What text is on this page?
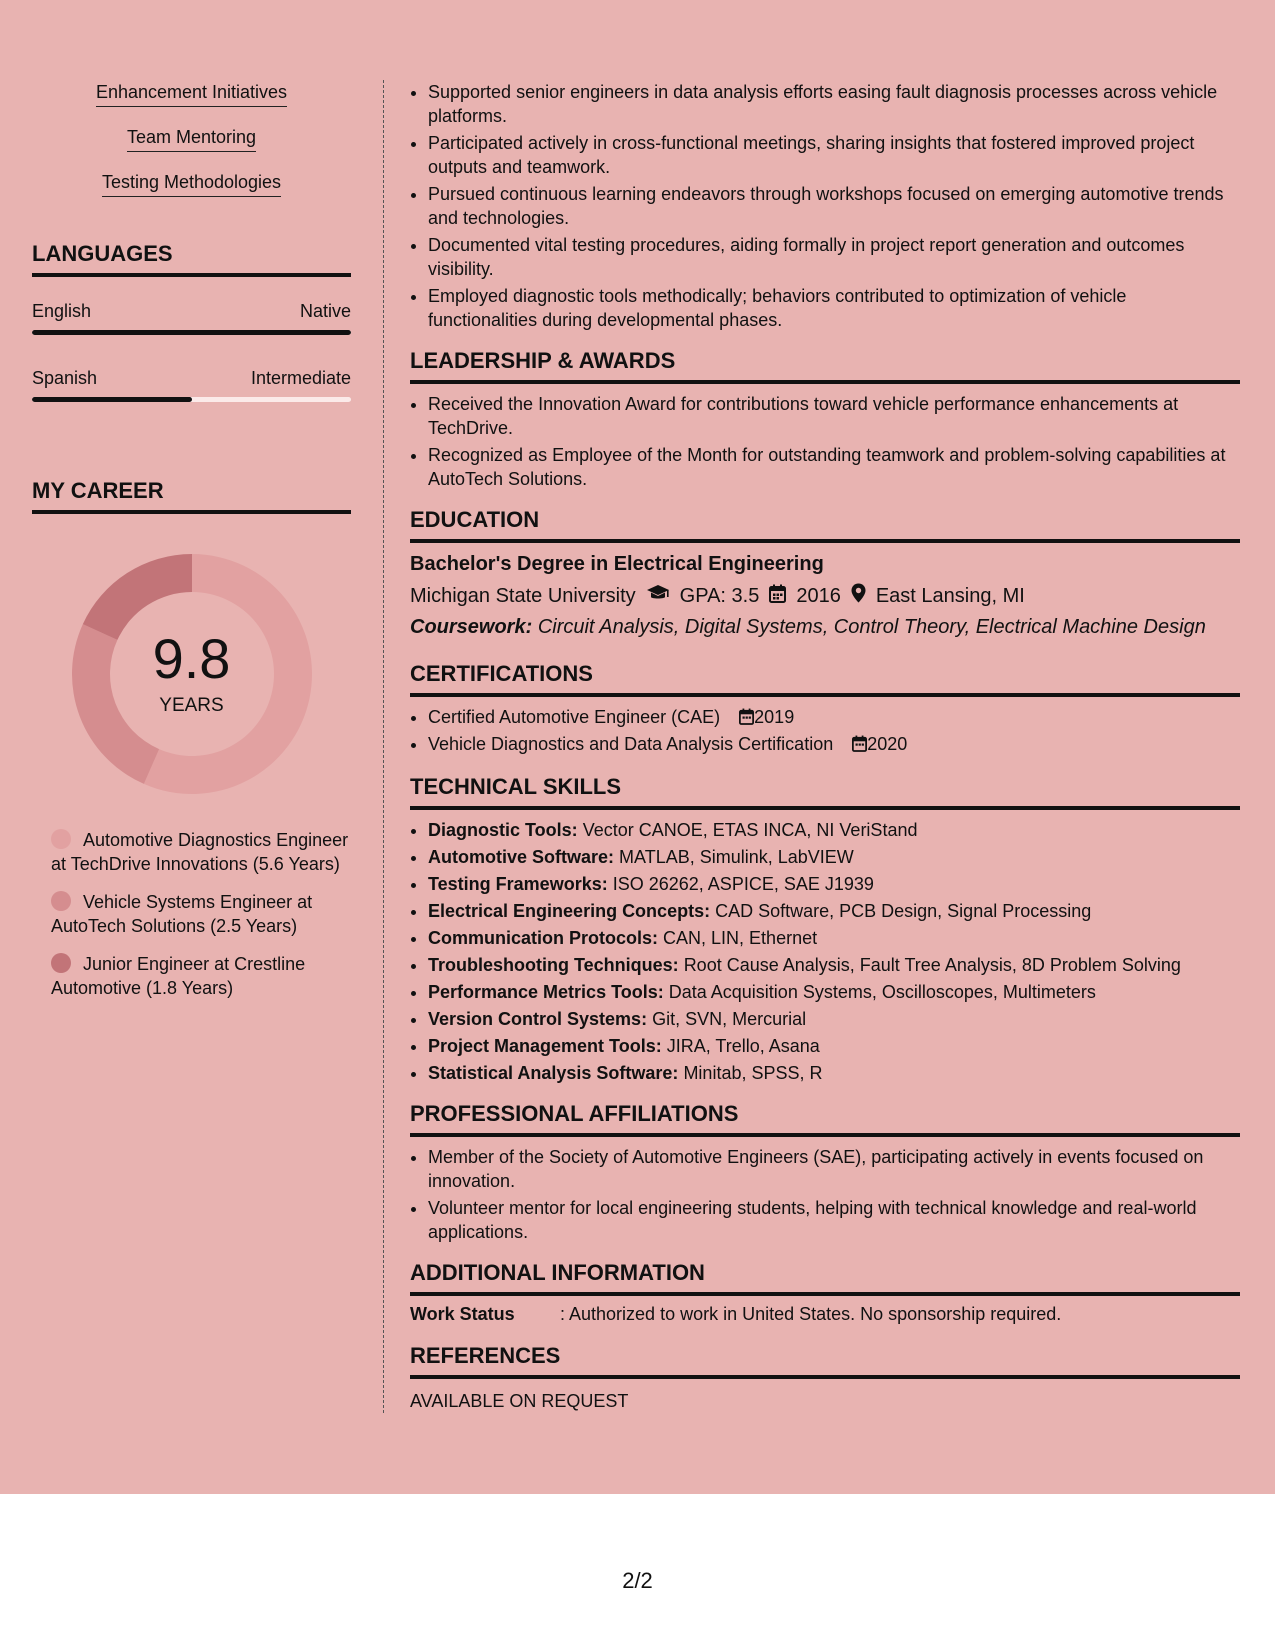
Enhancement Initiatives
Team Mentoring
Testing Methodologies
LANGUAGES
English	Native
Spanish	Intermediate
MY CAREER
9.8
YEARS
Automotive Diagnostics Engineer at TechDrive Innovations (5.6 Years)
Vehicle Systems Engineer at AutoTech Solutions (2.5 Years)
Junior Engineer at Crestline Automotive (1.8 Years)
• Supported senior engineers in data analysis efforts easing fault diagnosis processes across vehicle platforms.
• Participated actively in cross-functional meetings, sharing insights that fostered improved project outputs and teamwork.
• Pursued continuous learning endeavors through workshops focused on emerging automotive trends and technologies.
• Documented vital testing procedures, aiding formally in project report generation and outcomes visibility.
• Employed diagnostic tools methodically; behaviors contributed to optimization of vehicle functionalities during developmental phases.
LEADERSHIP & AWARDS
• Received the Innovation Award for contributions toward vehicle performance enhancements at TechDrive.
• Recognized as Employee of the Month for outstanding teamwork and problem-solving capabilities at AutoTech Solutions.
EDUCATION
Bachelor's Degree in Electrical Engineering
Michigan State University GPA: 3.5 2016 East Lansing, MI
Coursework: Circuit Analysis, Digital Systems, Control Theory, Electrical Machine Design
CERTIFICATIONS
• Certified Automotive Engineer (CAE) 2019
• Vehicle Diagnostics and Data Analysis Certification 2020
TECHNICAL SKILLS
• Diagnostic Tools: Vector CANOE, ETAS INCA, NI VeriStand
• Automotive Software: MATLAB, Simulink, LabVIEW
• Testing Frameworks: ISO 26262, ASPICE, SAE J1939
• Electrical Engineering Concepts: CAD Software, PCB Design, Signal Processing
• Communication Protocols: CAN, LIN, Ethernet
• Troubleshooting Techniques: Root Cause Analysis, Fault Tree Analysis, 8D Problem Solving
• Performance Metrics Tools: Data Acquisition Systems, Oscilloscopes, Multimeters
• Version Control Systems: Git, SVN, Mercurial
• Project Management Tools: JIRA, Trello, Asana
• Statistical Analysis Software: Minitab, SPSS, R
PROFESSIONAL AFFILIATIONS
• Member of the Society of Automotive Engineers (SAE), participating actively in events focused on innovation.
• Volunteer mentor for local engineering students, helping with technical knowledge and real-world applications.
ADDITIONAL INFORMATION
Work Status	: Authorized to work in United States. No sponsorship required.
REFERENCES
AVAILABLE ON REQUEST
2/2
